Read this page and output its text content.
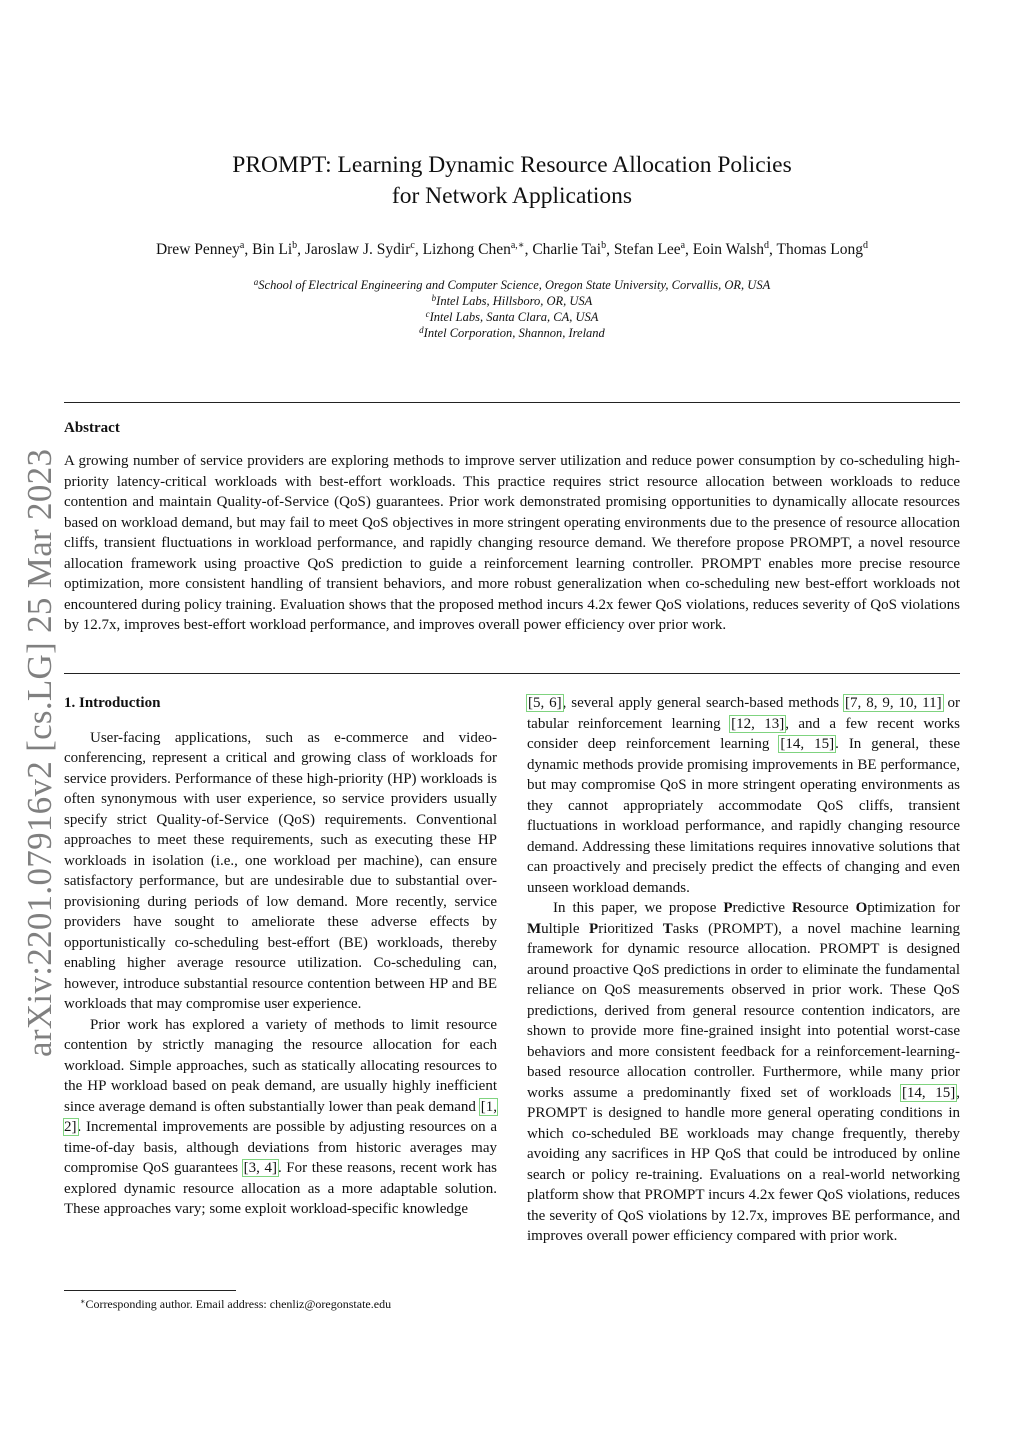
arXiv:2201.07916v2 [cs.LG] 25 Mar 2023
PROMPT: Learning Dynamic Resource Allocation Policies
for Network Applications
Drew Penney$^a$, Bin Li$^b$, Jaroslaw J. Sydir$^c$, Lizhong Chen$^{a,∗}$, Charlie Tai$^b$, Stefan Lee$^a$, Eoin Walsh$^d$, Thomas Long$^d$
$^a$School of Electrical Engineering and Computer Science, Oregon State University, Corvallis, OR, USA
$^b$Intel Labs, Hillsboro, OR, USA
$^c$Intel Labs, Santa Clara, CA, USA
$^d$Intel Corporation, Shannon, Ireland
Abstract
A growing number of service providers are exploring methods to improve server utilization and reduce power consumption by co-scheduling high-priority latency-critical workloads with best-effort workloads. This practice requires strict resource allocation between workloads to reduce contention and maintain Quality-of-Service (QoS) guarantees. Prior work demonstrated promising opportunities to dynamically allocate resources based on workload demand, but may fail to meet QoS objectives in more stringent operating environments due to the presence of resource allocation cliffs, transient fluctuations in workload performance, and rapidly changing resource demand. We therefore propose PROMPT, a novel resource allocation framework using proactive QoS prediction to guide a reinforcement learning controller. PROMPT enables more precise resource optimization, more consistent handling of transient behaviors, and more robust generalization when co-scheduling new best-effort workloads not encountered during policy training. Evaluation shows that the proposed method incurs 4.2x fewer QoS violations, reduces severity of QoS violations by 12.7x, improves best-effort workload performance, and improves overall power efficiency over prior work.

1. Introduction

User-facing applications, such as e-commerce and video-conferencing, represent a critical and growing class of workloads for service providers. Performance of these high-priority (HP) workloads is often synonymous with user experience, so service providers usually specify strict Quality-of-Service (QoS) requirements. Conventional approaches to meet these requirements, such as executing these HP workloads in isolation (i.e., one workload per machine), can ensure satisfactory performance, but are undesirable due to substantial over-provisioning during periods of low demand. More recently, service providers have sought to ameliorate these adverse effects by opportunistically co-scheduling best-effort (BE) workloads, thereby enabling higher average resource utilization. Co-scheduling can, however, introduce substantial resource contention between HP and BE workloads that may compromise user experience.

Prior work has explored a variety of methods to limit resource contention by strictly managing the resource allocation for each workload. Simple approaches, such as statically allocating resources to the HP workload based on peak demand, are usually highly inefficient since average demand is often substantially lower than peak demand [1, 2]. Incremental improvements are possible by adjusting resources on a time-of-day basis, although deviations from historic averages may compromise QoS guarantees [3, 4]. For these reasons, recent work has explored dynamic resource allocation as a more adaptable solution. These approaches vary; some exploit workload-specific knowledge

[5, 6], several apply general search-based methods [7, 8, 9, 10, 11] or tabular reinforcement learning [12, 13], and a few recent works consider deep reinforcement learning [14, 15]. In general, these dynamic methods provide promising improvements in BE performance, but may compromise QoS in more stringent operating environments as they cannot appropriately accommodate QoS cliffs, transient fluctuations in workload performance, and rapidly changing resource demand. Addressing these limitations requires innovative solutions that can proactively and precisely predict the effects of changing and even unseen workload demands.

In this paper, we propose Predictive Resource Optimization for Multiple Prioritized Tasks (PROMPT), a novel machine learning framework for dynamic resource allocation. PROMPT is designed around proactive QoS predictions in order to eliminate the fundamental reliance on QoS measurements observed in prior work. These QoS predictions, derived from general resource contention indicators, are shown to provide more fine-grained insight into potential worst-case behaviors and more consistent feedback for a reinforcement-learning-based resource allocation controller. Furthermore, while many prior works assume a predominantly fixed set of workloads [14, 15], PROMPT is designed to handle more general operating conditions in which co-scheduled BE workloads may change frequently, thereby avoiding any sacrifices in HP QoS that could be introduced by online search or policy re-training. Evaluations on a real-world networking platform show that PROMPT incurs 4.2x fewer QoS violations, reduces the severity of QoS violations by 12.7x, improves BE performance, and improves overall power efficiency compared with prior work.

∗Corresponding author. Email address: chenliz@oregonstate.edu
